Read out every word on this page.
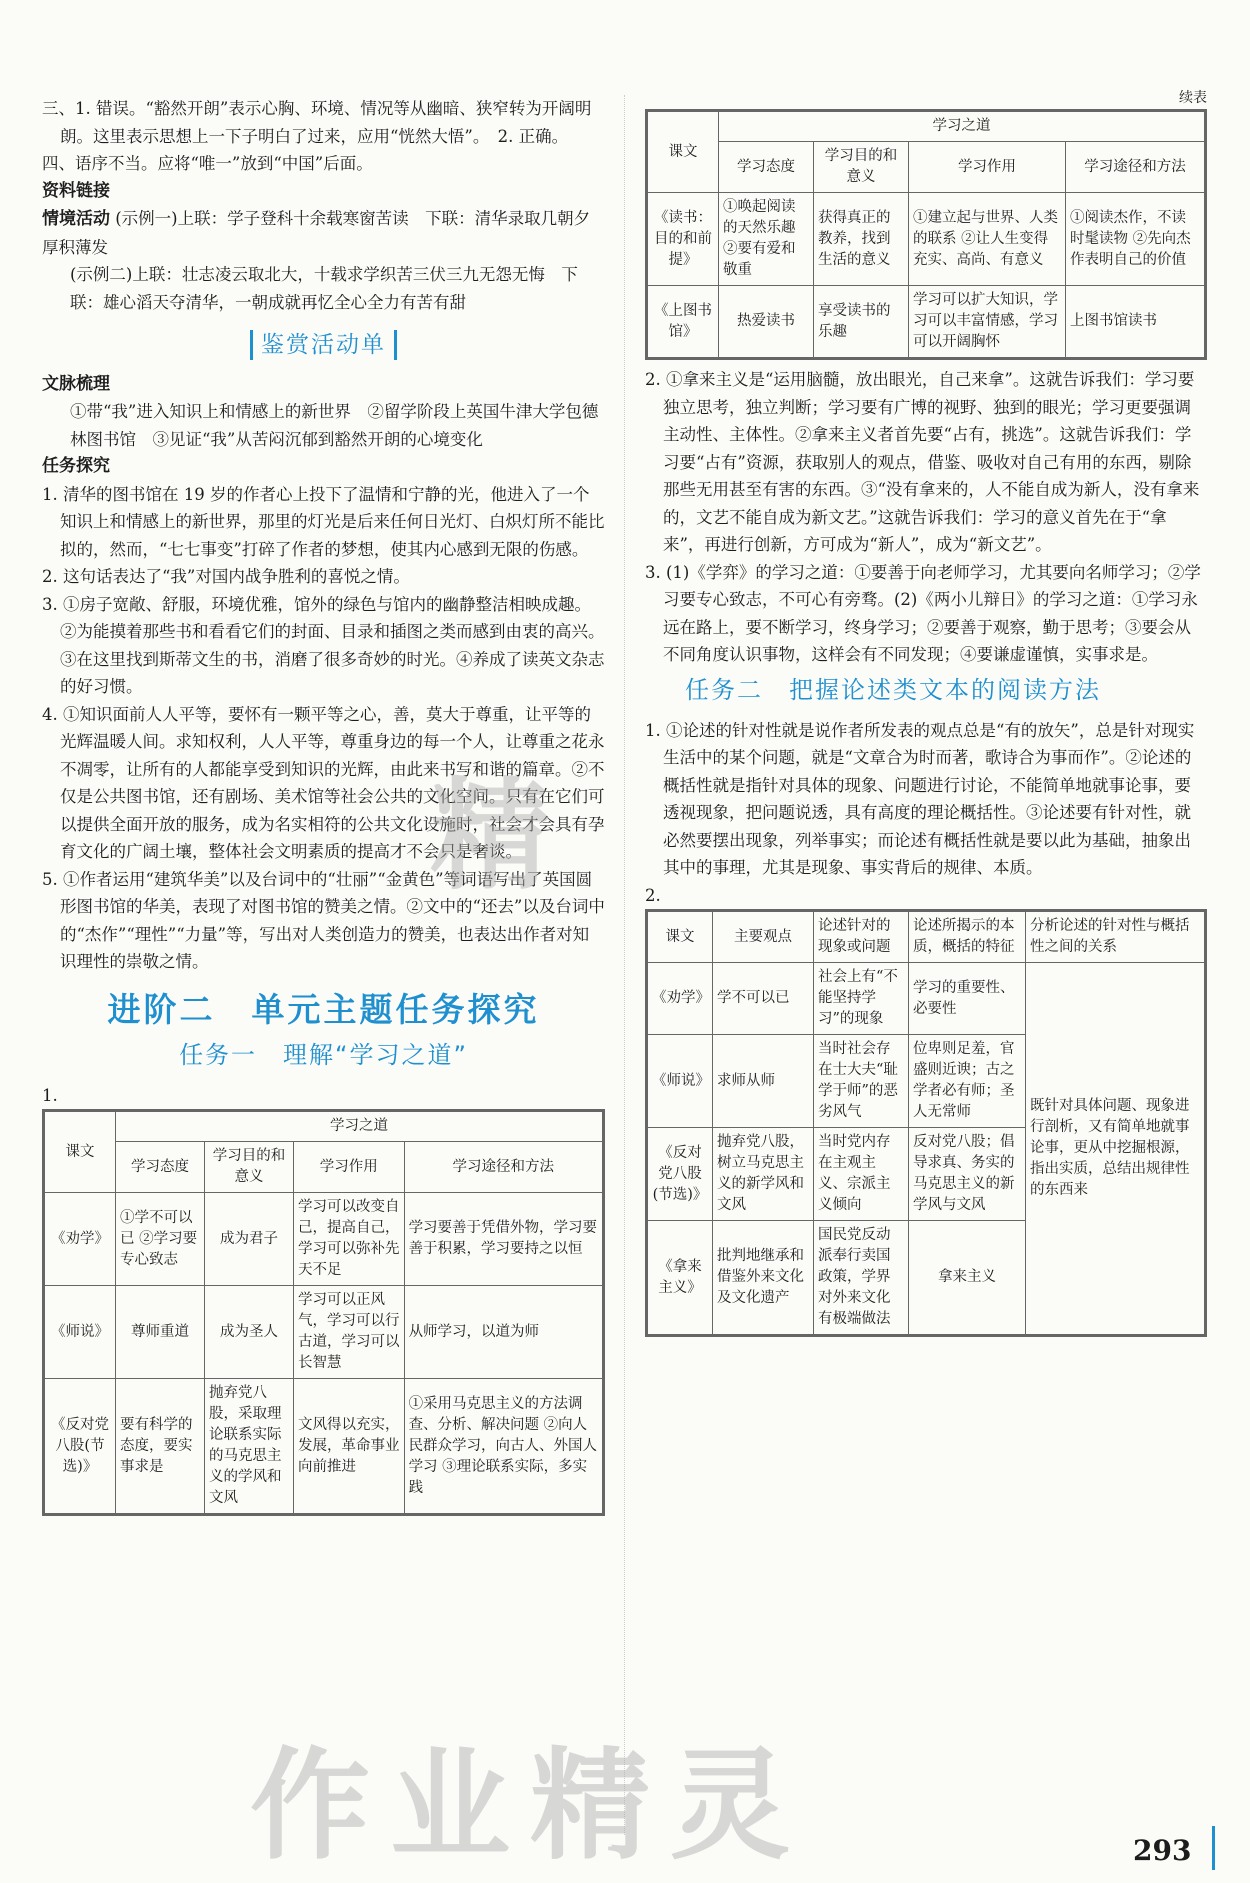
三、1. 错误。“豁然开朗”表示心胸、环境、情况等从幽暗、狭窄转为开阔明朗。这里表示思想上一下子明白了过来，应用“恍然大悟”。　2. 正确。

四、语序不当。应将“唯一”放到“中国”后面。

资料链接

情境活动 (示例一)上联：学子登科十余载寒窗苦读　下联：清华录取几朝夕厚积薄发

(示例二)上联：壮志凌云取北大，十载求学织苦三伏三九无怨无悔　下联：雄心滔天夺清华，一朝成就再忆全心全力有苦有甜

鉴赏活动单

文脉梳理

①带“我”进入知识上和情感上的新世界　②留学阶段上英国牛津大学包德林图书馆　③见证“我”从苦闷沉郁到豁然开朗的心境变化

任务探究

1. 清华的图书馆在 19 岁的作者心上投下了温情和宁静的光，他进入了一个知识上和情感上的新世界，那里的灯光是后来任何日光灯、白炽灯所不能比拟的，然而，“七七事变”打碎了作者的梦想，使其内心感到无限的伤感。

2. 这句话表达了“我”对国内战争胜利的喜悦之情。

3. ①房子宽敞、舒服，环境优雅，馆外的绿色与馆内的幽静整洁相映成趣。②为能摸着那些书和看看它们的封面、目录和插图之类而感到由衷的高兴。③在这里找到斯蒂文生的书，消磨了很多奇妙的时光。④养成了读英文杂志的好习惯。

4. ①知识面前人人平等，要怀有一颗平等之心，善，莫大于尊重，让平等的光辉温暖人间。求知权利，人人平等，尊重身边的每一个人，让尊重之花永不凋零，让所有的人都能享受到知识的光辉，由此来书写和谐的篇章。②不仅是公共图书馆，还有剧场、美术馆等社会公共的文化空间。只有在它们可以提供全面开放的服务，成为名实相符的公共文化设施时，社会才会具有孕育文化的广阔土壤，整体社会文明素质的提高才不会只是奢谈。

5. ①作者运用“建筑华美”以及台词中的“壮丽”“金黄色”等词语写出了英国圆形图书馆的华美，表现了对图书馆的赞美之情。②文中的“还去”以及台词中的“杰作”“理性”“力量”等，写出对人类创造力的赞美，也表达出作者对知识理性的崇敬之情。

进阶二　单元主题任务探究
任务一　理解“学习之道”

1.

课文	学习之道			
	学习态度	学习目的和意义	学习作用	学习途径和方法
《劝学》	①学不可以已 ②学习要专心致志	成为君子	学习可以改变自己，提高自己，学习可以弥补先天不足	学习要善于凭借外物，学习要善于积累，学习要持之以恒
《师说》	尊师重道	成为圣人	学习可以正风气，学习可以行古道，学习可以长智慧	从师学习，以道为师
《反对党八股(节选)》	要有科学的态度，要实事求是	抛弃党八股，采取理论联系实际的马克思主义的学风和文风	文风得以充实，发展，革命事业向前推进	①采用马克思主义的方法调查、分析、解决问题 ②向人民群众学习，向古人、外国人学习 ③理论联系实际，多实践

续表

课文	学习之道			
	学习态度	学习目的和意义	学习作用	学习途径和方法
《读书：目的和前提》	①唤起阅读的天然乐趣 ②要有爱和敬重	获得真正的教养，找到生活的意义	①建立起与世界、人类的联系 ②让人生变得充实、高尚、有意义	①阅读杰作，不读时髦读物 ②先向杰作表明自己的价值
《上图书馆》	热爱读书	享受读书的乐趣	学习可以扩大知识，学习可以丰富情感，学习可以开阔胸怀	上图书馆读书

2. ①拿来主义是“运用脑髓，放出眼光，自己来拿”。这就告诉我们：学习要独立思考，独立判断；学习要有广博的视野、独到的眼光；学习更要强调主动性、主体性。②拿来主义者首先要“占有，挑选”。这就告诉我们：学习要“占有”资源，获取别人的观点，借鉴、吸收对自己有用的东西，剔除那些无用甚至有害的东西。③“没有拿来的，人不能自成为新人，没有拿来的，文艺不能自成为新文艺。”这就告诉我们：学习的意义首先在于“拿来”，再进行创新，方可成为“新人”，成为“新文艺”。

3. (1)《学弈》的学习之道：①要善于向老师学习，尤其要向名师学习；②学习要专心致志，不可心有旁骛。(2)《两小儿辩日》的学习之道：①学习永远在路上，要不断学习，终身学习；②要善于观察，勤于思考；③要会从不同角度认识事物，这样会有不同发现；④要谦虚谨慎，实事求是。

任务二　把握论述类文本的阅读方法

1. ①论述的针对性就是说作者所发表的观点总是“有的放矢”，总是针对现实生活中的某个问题，就是“文章合为时而著，歌诗合为事而作”。②论述的概括性就是指针对具体的现象、问题进行讨论，不能简单地就事论事，要透视现象，把问题说透，具有高度的理论概括性。③论述要有针对性，就必然要摆出现象，列举事实；而论述有概括性就是要以此为基础，抽象出其中的事理，尤其是现象、事实背后的规律、本质。

2.

课文	主要观点	论述针对的现象或问题	论述所揭示的本质，概括的特征	分析论述的针对性与概括性之间的关系
《劝学》	学不可以已	社会上有“不能坚持学习”的现象	学习的重要性、必要性	既针对具体问题、现象进行剖析，又有简单地就事论事，更从中挖掘根源，指出实质，总结出规律性的东西来
《师说》	求师从师	当时社会存在士大夫“耻学于师”的恶劣风气	位卑则足羞，官盛则近谀；古之学者必有师；圣人无常师	
《反对党八股(节选)》	抛弃党八股，树立马克思主义的新学风和文风	当时党内存在主观主义、宗派主义倾向	反对党八股；倡导求真、务实的马克思主义的新学风与文风	
《拿来主义》	批判地继承和借鉴外来文化及文化遗产	国民党反动派奉行卖国政策，学界对外来文化有极端做法	拿来主义	
精
作业精灵	293
